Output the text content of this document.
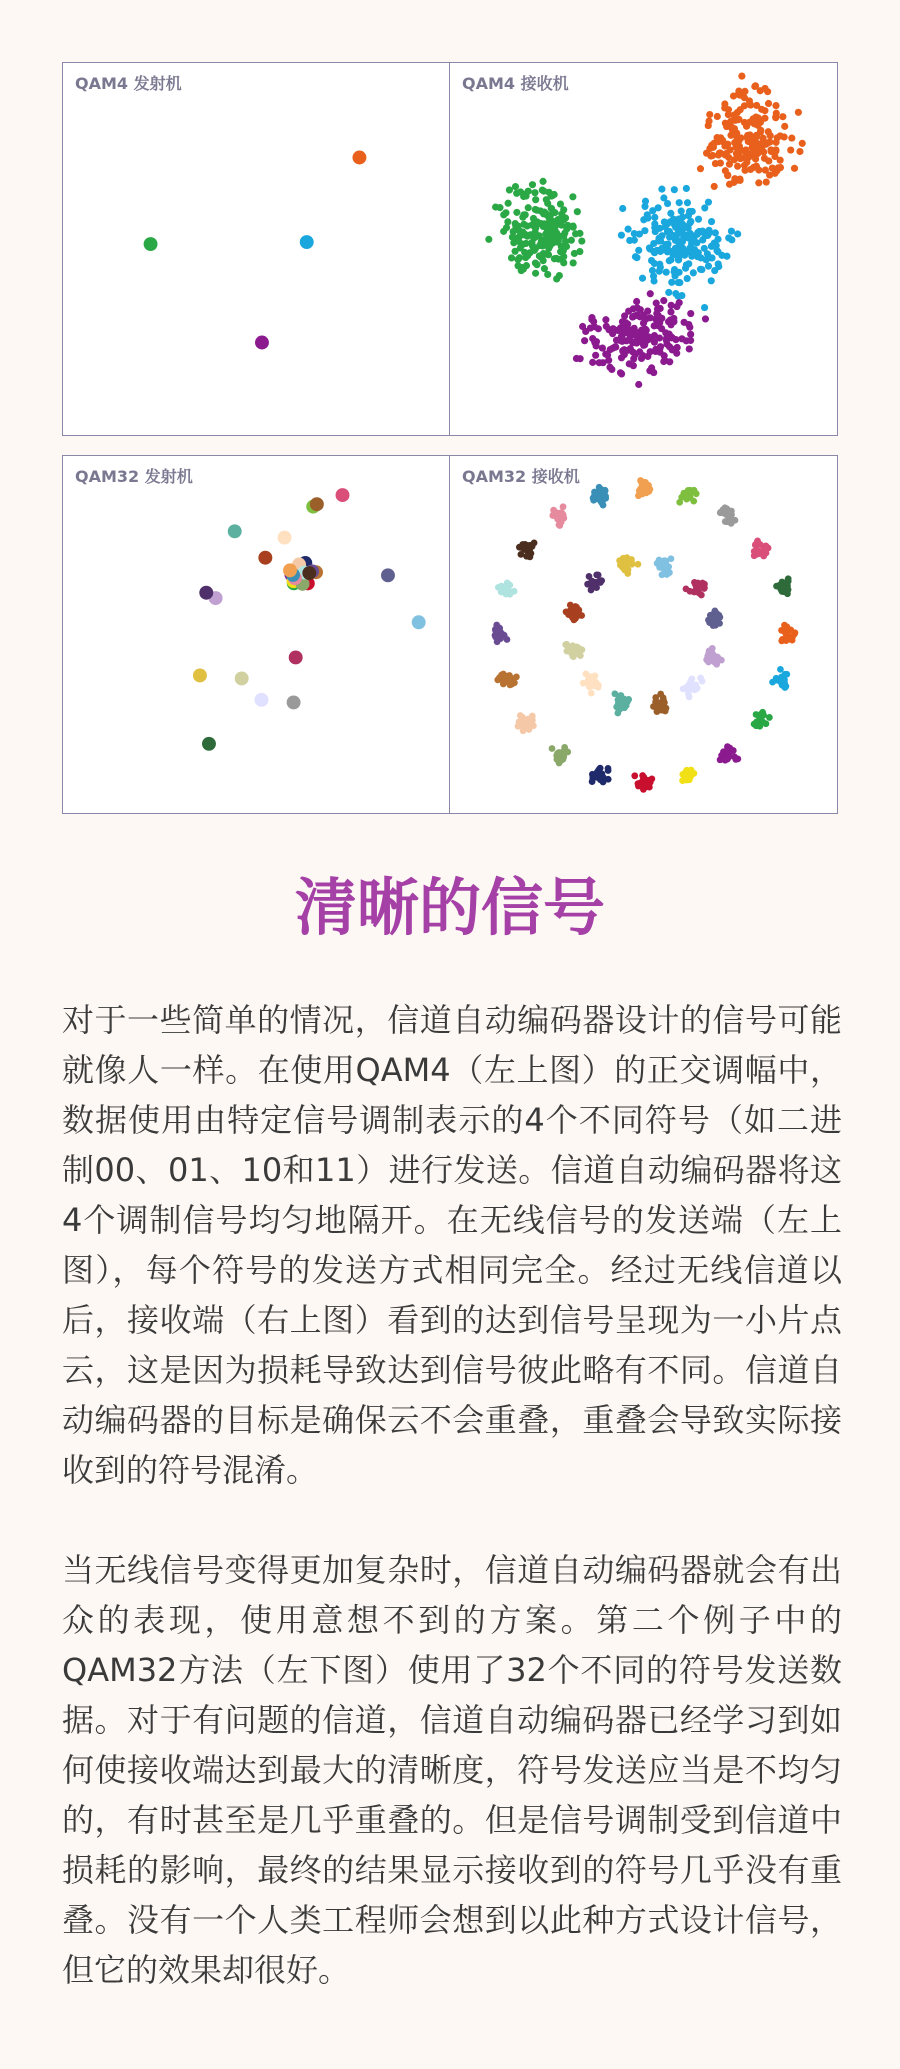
QAM4 发射机	QAM4 接收机
QAM32 发射机	QAM32 接收机
清晰的信号
对于一些简单的情况，信道自动编码器设计的信号可能就像人一样。在使用QAM4（左上图）的正交调幅中，数据使用由特定信号调制表示的4个不同符号（如二进制00、01、10和11）进行发送。信道自动编码器将这4个调制信号均匀地隔开。在无线信号的发送端（左上图），每个符号的发送方式相同完全。经过无线信道以后，接收端（右上图）看到的达到信号呈现为一小片点云，这是因为损耗导致达到信号彼此略有不同。信道自动编码器的目标是确保云不会重叠，重叠会导致实际接收到的符号混淆。
当无线信号变得更加复杂时，信道自动编码器就会有出众的表现，使用意想不到的方案。第二个例子中的QAM32方法（左下图）使用了32个不同的符号发送数据。对于有问题的信道，信道自动编码器已经学习到如何使接收端达到最大的清晰度，符号发送应当是不均匀的，有时甚至是几乎重叠的。但是信号调制受到信道中损耗的影响，最终的结果显示接收到的符号几乎没有重叠。没有一个人类工程师会想到以此种方式设计信号，但它的效果却很好。
